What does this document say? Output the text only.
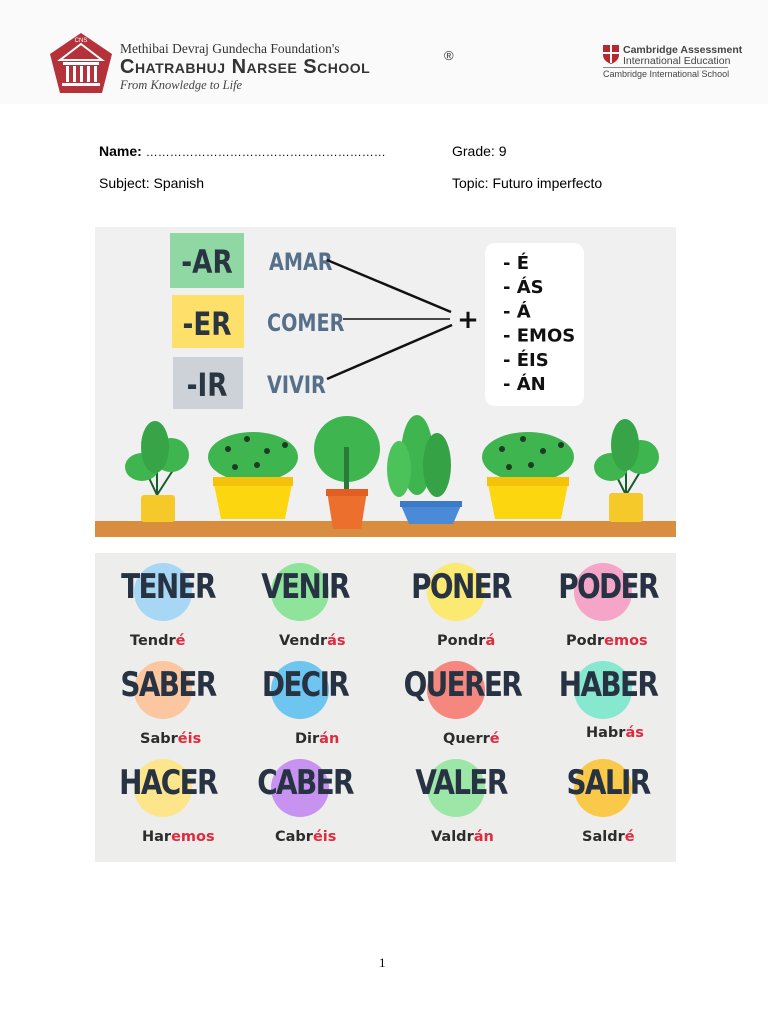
CNS Methibai Devraj Gundecha Foundation's
Chatrabhuj Narsee School
®
From Knowledge to Life
Cambridge Assessment
International Education
Cambridge International School
Name: ……………………………………………………	Grade: 9
Subject: Spanish	Topic: Futuro imperfecto
-AR
-ER
-IR
AMAR
COMER
VIVIR
+
- É
- ÁS
- Á
- EMOS
- ÉIS
- ÁN
TENER
Tendré
VENIR
Vendrás
PONER
Pondrá
PODER
Podremos
SABER
Sabréis
DECIR
Dirán
QUERER
Querré
HABER
Habrás
HACER
Haremos
CABER
Cabréis
VALER
Valdrán
SALIR
Saldré
1
